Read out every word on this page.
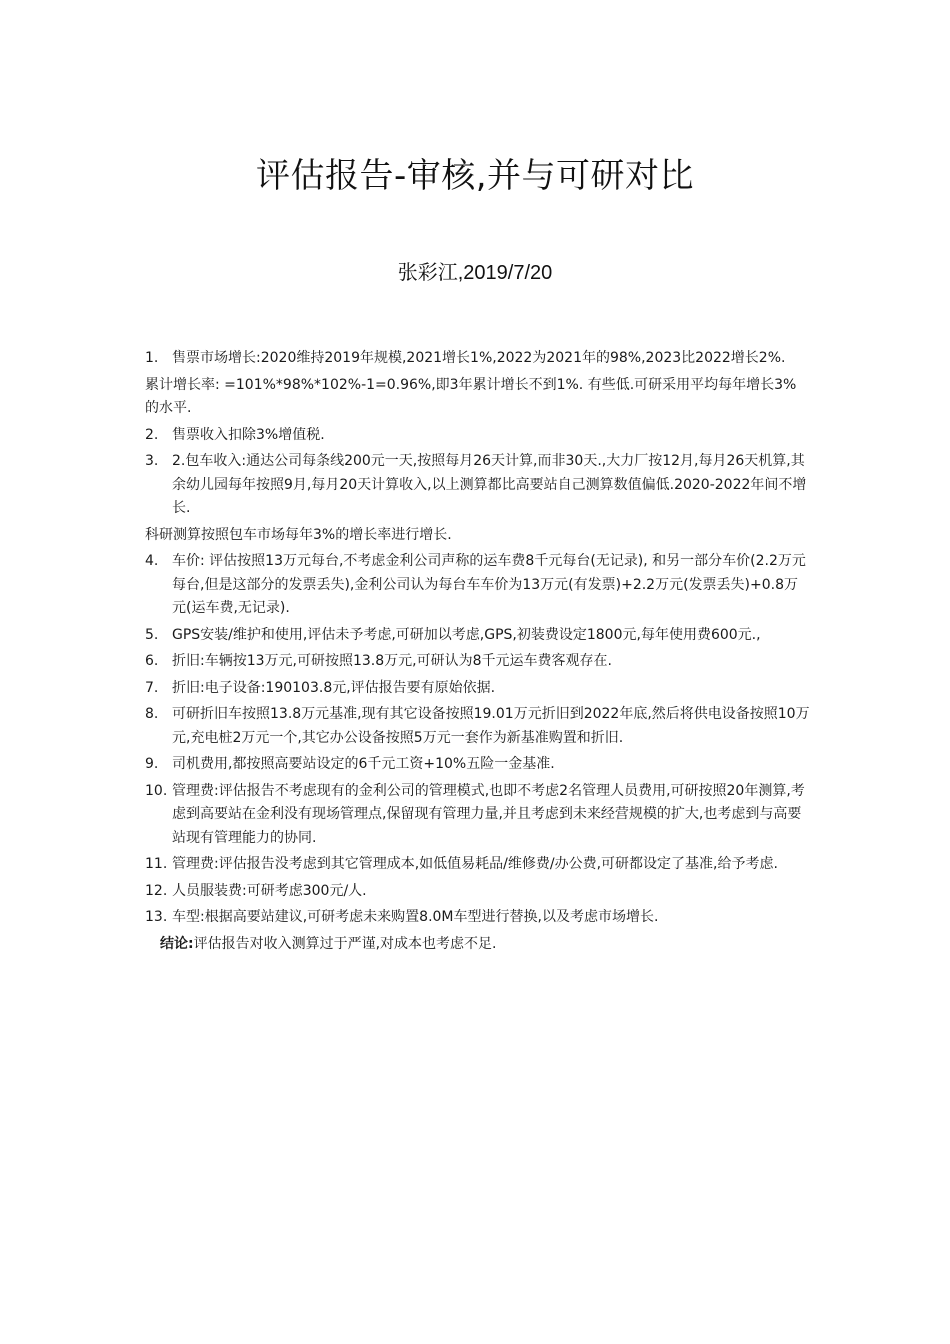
评估报告-审核,并与可研对比
张彩江,2019/7/20
1. 售票市场增长:2020维持2019年规模,2021增长1%,2022为2021年的98%,2023比2022增长2%.
累计增长率: =101%*98%*102%-1=0.96%,即3年累计增长不到1%. 有些低.可研采用平均每年增长3%的水平.
2. 售票收入扣除3%增值税.
3. 2.包车收入:通达公司每条线200元一天,按照每月26天计算,而非30天.,大力厂按12月,每月26天机算,其余幼儿园每年按照9月,每月20天计算收入,以上测算都比高要站自己测算数值偏低.2020-2022年间不增长.
科研测算按照包车市场每年3%的增长率进行增长.
4. 车价: 评估按照13万元每台,不考虑金利公司声称的运车费8千元每台(无记录), 和另一部分车价(2.2万元每台,但是这部分的发票丢失),金利公司认为每台车车价为13万元(有发票)+2.2万元(发票丢失)+0.8万元(运车费,无记录).
5. GPS安装/维护和使用,评估未予考虑,可研加以考虑,GPS,初装费设定1800元,每年使用费600元.,
6. 折旧:车辆按13万元,可研按照13.8万元,可研认为8千元运车费客观存在.
7. 折旧:电子设备:190103.8元,评估报告要有原始依据.
8. 可研折旧车按照13.8万元基准,现有其它设备按照19.01万元折旧到2022年底,然后将供电设备按照10万元,充电桩2万元一个,其它办公设备按照5万元一套作为新基准购置和折旧.
9. 司机费用,都按照高要站设定的6千元工资+10%五险一金基准.
10. 管理费:评估报告不考虑现有的金利公司的管理模式,也即不考虑2名管理人员费用,可研按照20年测算,考虑到高要站在金利没有现场管理点,保留现有管理力量,并且考虑到未来经营规模的扩大,也考虑到与高要站现有管理能力的协同.
11. 管理费:评估报告没考虑到其它管理成本,如低值易耗品/维修费/办公费,可研都设定了基准,给予考虑.
12. 人员服装费:可研考虑300元/人.
13. 车型:根据高要站建议,可研考虑未来购置8.0M车型进行替换,以及考虑市场增长.
结论:评估报告对收入测算过于严谨,对成本也考虑不足.
